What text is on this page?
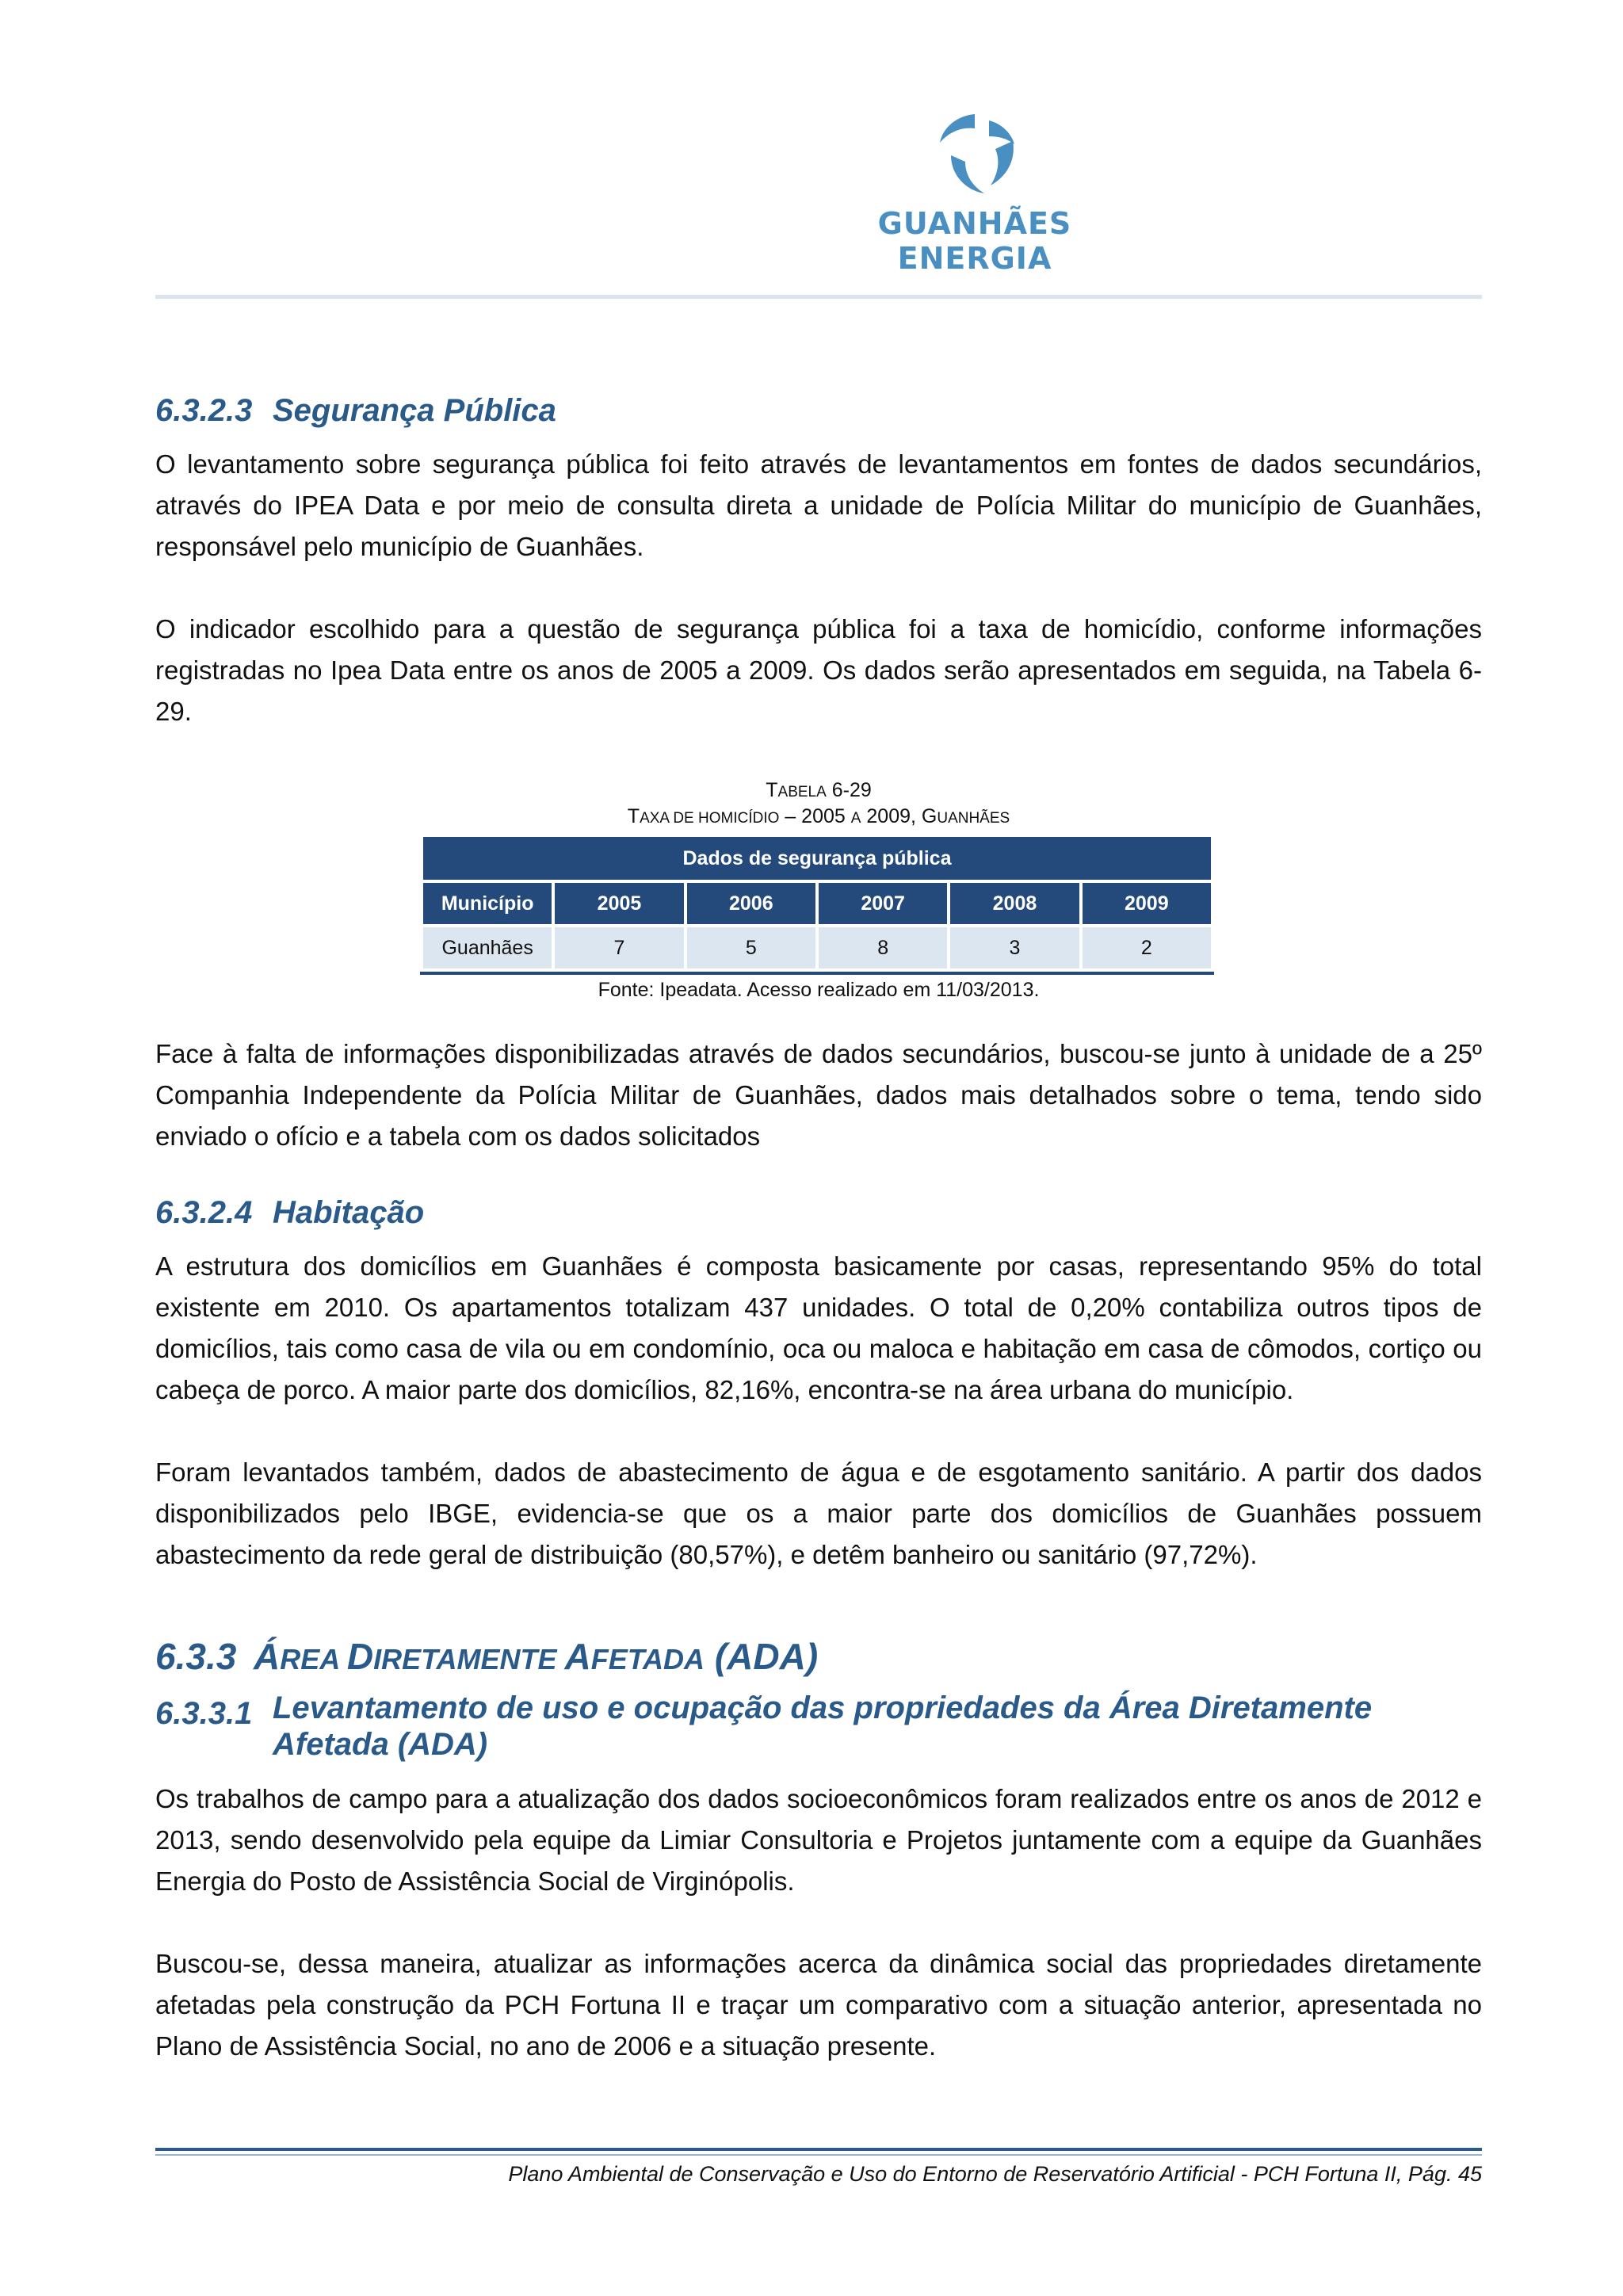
GUANHÃES ENERGIA
6.3.2.3 Segurança Pública

O levantamento sobre segurança pública foi feito através de levantamentos em fontes de dados secundários, através do IPEA Data e por meio de consulta direta a unidade de Polícia Militar do município de Guanhães, responsável pelo município de Guanhães.

O indicador escolhido para a questão de segurança pública foi a taxa de homicídio, conforme informações registradas no Ipea Data entre os anos de 2005 a 2009. Os dados serão apresentados em seguida, na Tabela 6-29.

TABELA 6-29
TAXA DE HOMICÍDIO – 2005 A 2009, GUANHÃES
Dados de segurança pública					
Município	2005	2006	2007	2008	2009
Guanhães	7	5	8	3	2
Fonte: Ipeadata. Acesso realizado em 11/03/2013.

Face à falta de informações disponibilizadas através de dados secundários, buscou-se junto à unidade de a 25º Companhia Independente da Polícia Militar de Guanhães, dados mais detalhados sobre o tema, tendo sido enviado o ofício e a tabela com os dados solicitados

6.3.2.4 Habitação

A estrutura dos domicílios em Guanhães é composta basicamente por casas, representando 95% do total existente em 2010. Os apartamentos totalizam 437 unidades. O total de 0,20% contabiliza outros tipos de domicílios, tais como casa de vila ou em condomínio, oca ou maloca e habitação em casa de cômodos, cortiço ou cabeça de porco. A maior parte dos domicílios, 82,16%, encontra-se na área urbana do município.

Foram levantados também, dados de abastecimento de água e de esgotamento sanitário. A partir dos dados disponibilizados pelo IBGE, evidencia-se que os a maior parte dos domicílios de Guanhães possuem abastecimento da rede geral de distribuição (80,57%), e detêm banheiro ou sanitário (97,72%).

6.3.3 ÁREA DIRETAMENTE AFETADA (ADA)
6.3.3.1 Levantamento de uso e ocupação das propriedades da Área Diretamente Afetada (ADA)

Os trabalhos de campo para a atualização dos dados socioeconômicos foram realizados entre os anos de 2012 e 2013, sendo desenvolvido pela equipe da Limiar Consultoria e Projetos juntamente com a equipe da Guanhães Energia do Posto de Assistência Social de Virginópolis.

Buscou-se, dessa maneira, atualizar as informações acerca da dinâmica social das propriedades diretamente afetadas pela construção da PCH Fortuna II e traçar um comparativo com a situação anterior, apresentada no Plano de Assistência Social, no ano de 2006 e a situação presente.

Plano Ambiental de Conservação e Uso do Entorno de Reservatório Artificial - PCH Fortuna II, Pág. 45
